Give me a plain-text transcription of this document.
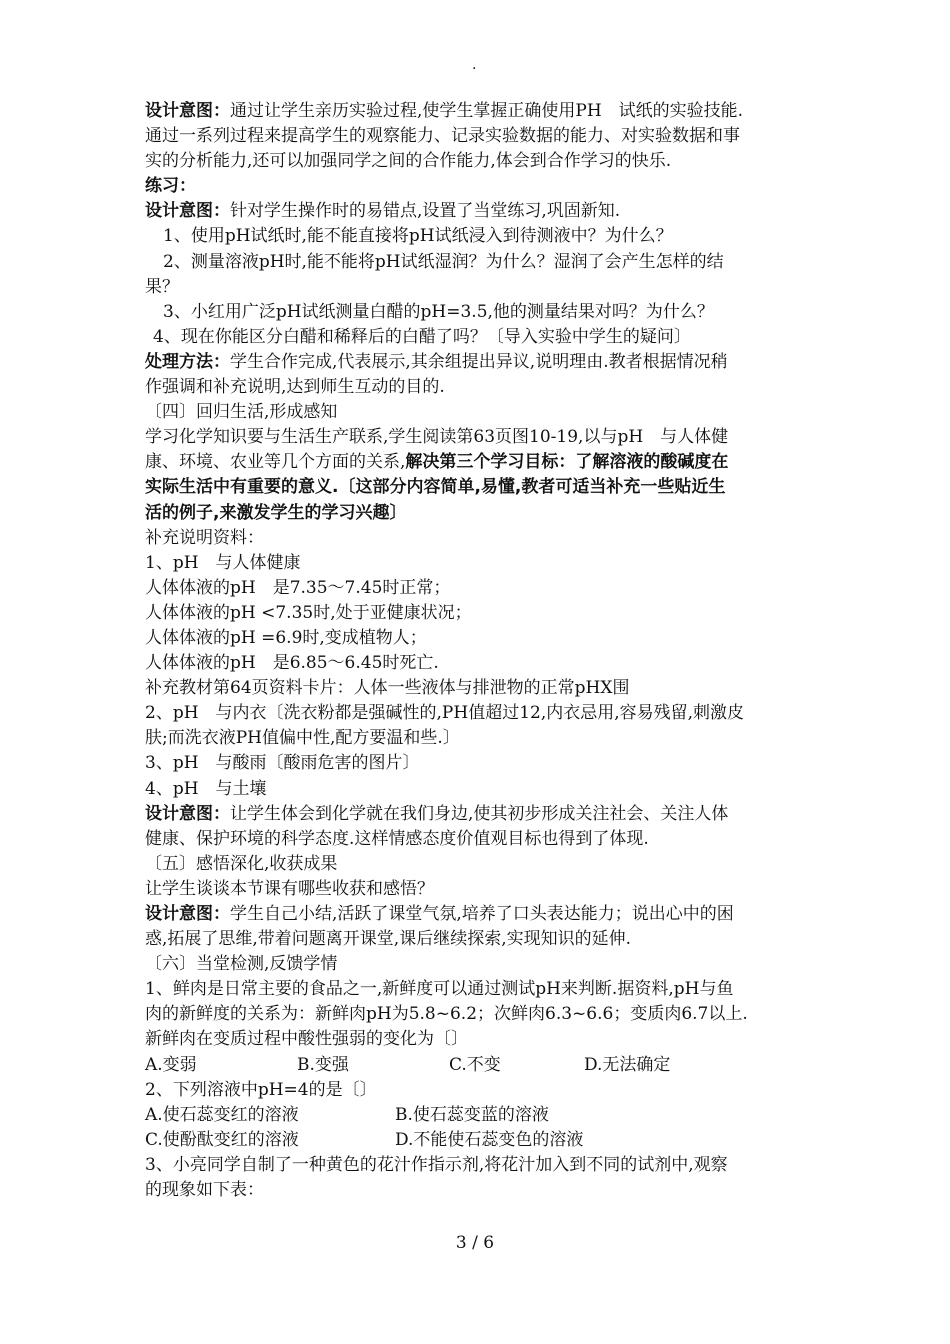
.
设计意图：通过让学生亲历实验过程,使学生掌握正确使用PH　试纸的实验技能.
通过一系列过程来提高学生的观察能力、记录实验数据的能力、对实验数据和事
实的分析能力,还可以加强同学之间的合作能力,体会到合作学习的快乐.
练习：
设计意图：针对学生操作时的易错点,设置了当堂练习,巩固新知.
1、使用pH试纸时,能不能直接将pH试纸浸入到待测液中？为什么？
2、测量溶液pH时,能不能将pH试纸湿润？为什么？湿润了会产生怎样的结
果？
3、小红用广泛pH试纸测量白醋的pH=3.5,他的测量结果对吗？为什么？
4、现在你能区分白醋和稀释后的白醋了吗？〔导入实验中学生的疑问〕
处理方法：学生合作完成,代表展示,其余组提出异议,说明理由.教者根据情况稍
作强调和补充说明,达到师生互动的目的.
〔四〕回归生活,形成感知
学习化学知识要与生活生产联系,学生阅读第63页图10-19,以与pH　与人体健
康、环境、农业等几个方面的关系,解决第三个学习目标：了解溶液的酸碱度在
实际生活中有重要的意义.〔这部分内容简单,易懂,教者可适当补充一些贴近生
活的例子,来激发学生的学习兴趣〕
补充说明资料：
1、pH　与人体健康
人体体液的pH　是7.35～7.45时正常；
人体体液的pH <7.35时,处于亚健康状况；
人体体液的pH =6.9时,变成植物人；
人体体液的pH　是6.85～6.45时死亡.
补充教材第64页资料卡片：人体一些液体与排泄物的正常pHX围
2、pH　与内衣〔洗衣粉都是强碱性的,PH值超过12,内衣忌用,容易残留,刺激皮
肤;而洗衣液PH值偏中性,配方要温和些.〕
3、pH　与酸雨〔酸雨危害的图片〕
4、pH　与土壤
设计意图：让学生体会到化学就在我们身边,使其初步形成关注社会、关注人体
健康、保护环境的科学态度.这样情感态度价值观目标也得到了体现.
〔五〕感悟深化,收获成果
让学生谈谈本节课有哪些收获和感悟？
设计意图：学生自己小结,活跃了课堂气氛,培养了口头表达能力；说出心中的困
惑,拓展了思维,带着问题离开课堂,课后继续探索,实现知识的延伸.
〔六〕当堂检测,反馈学情
1、鲜肉是日常主要的食品之一,新鲜度可以通过测试pH来判断.据资料,pH与鱼
肉的新鲜度的关系为：新鲜肉pH为5.8~6.2；次鲜肉6.3~6.6；变质肉6.7以上.
新鲜肉在变质过程中酸性强弱的变化为〔〕
A.变弱	B.变强	C.不变	D.无法确定
2、下列溶液中pH=4的是〔〕
A.使石蕊变红的溶液	B.使石蕊变蓝的溶液
C.使酚酞变红的溶液	D.不能使石蕊变色的溶液
3、小亮同学自制了一种黄色的花汁作指示剂,将花汁加入到不同的试剂中,观察
的现象如下表：
3 / 6
